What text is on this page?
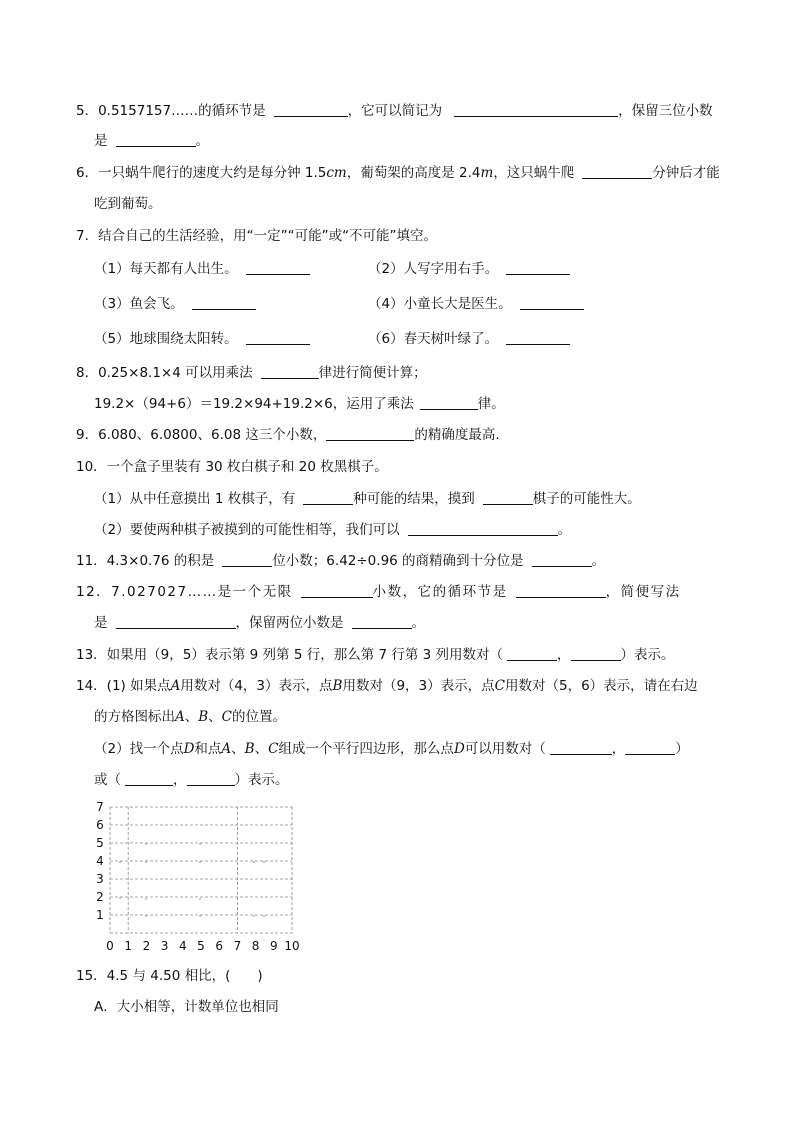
5．0.5157157……的循环节是	，它可以简记为	，保留三位小数
是	。
6．一只蜗牛爬行的速度大约是每分钟 1.5cm，葡萄架的高度是 2.4m，这只蜗牛爬	分钟后才能
吃到葡萄。
7．结合自己的生活经验，用“一定”“可能”或“不可能”填空。
（1）每天都有人出生。	（2）人写字用右手。
（3）鱼会飞。	（4）小童长大是医生。
（5）地球围绕太阳转。	（6）春天树叶绿了。
8．0.25×8.1×4 可以用乘法	律进行简便计算；
19.2×（94+6）＝19.2×94+19.2×6，运用了乘法	律。
9．6.080、6.0800、6.08 这三个小数，	的精确度最高.
10．一个盒子里装有 30 枚白棋子和 20 枚黑棋子。
（1）从中任意摸出 1 枚棋子，有	种可能的结果，摸到	棋子的可能性大。
（2）要使两种棋子被摸到的可能性相等，我们可以	。
11．4.3×0.76 的积是	位小数；6.42÷0.96 的商精确到十分位是	。
12．7.027027……是一个无限	小数，它的循环节是	，简便写法
是	，保留两位小数是	。
13．如果用（9，5）表示第 9 列第 5 行，那么第 7 行第 3 列用数对（	，	）表示。
14．(1) 如果点A用数对（4，3）表示，点B用数对（9，3）表示，点C用数对（5，6）表示，请在右边
的方格图标出A、B、C的位置。
（2）找一个点D和点A、B、C组成一个平行四边形，那么点D可以用数对（	，	）
或（	，	）表示。
0 1 2 3 4 5 6 7 8 9 10
1
2
3
4
5
6
7
15．4.5 与 4.50 相比，(　　)
A．大小相等，计数单位也相同
